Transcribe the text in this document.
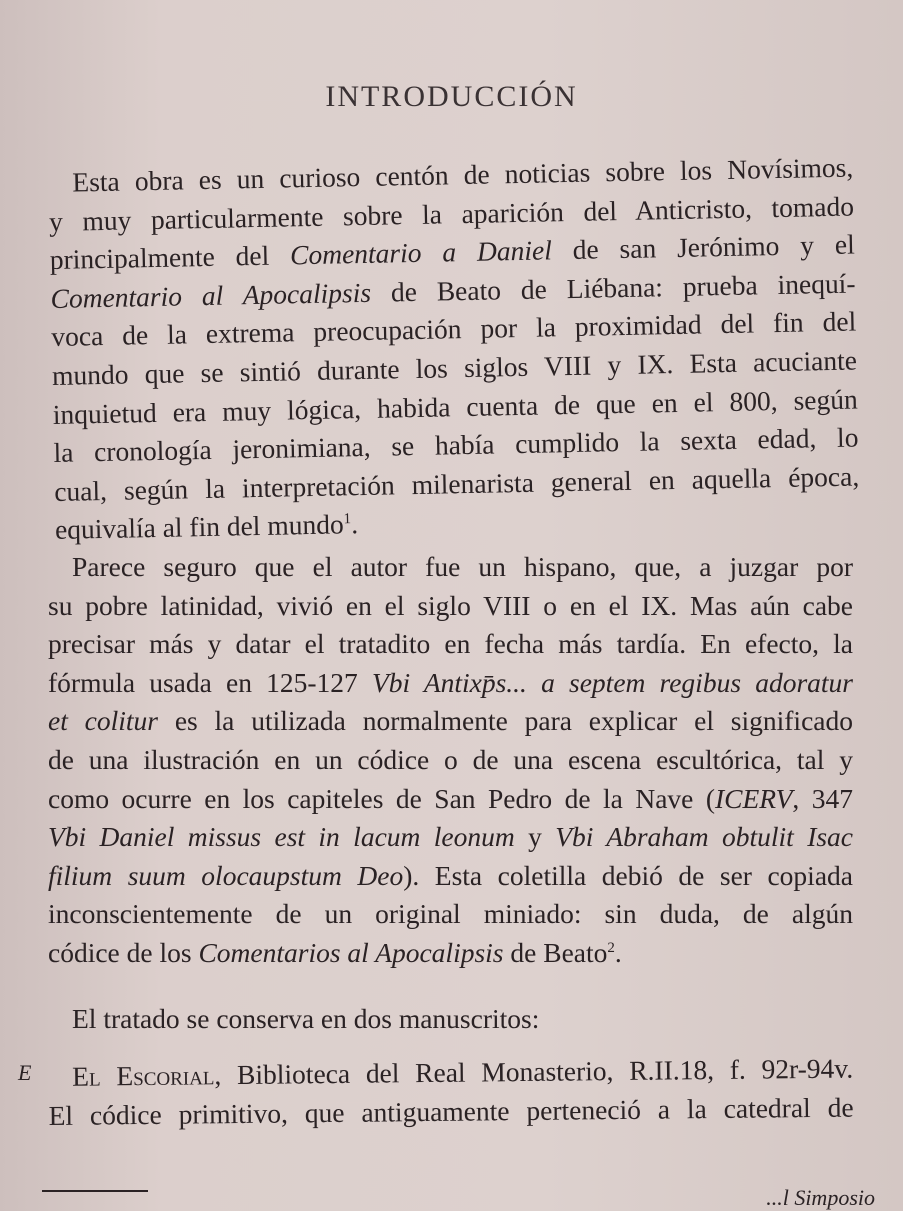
INTRODUCCIÓN
Esta obra es un curioso centón de noticias sobre los Novísimos,
y muy particularmente sobre la aparición del Anticristo, tomado
principalmente del Comentario a Daniel de san Jerónimo y el
Comentario al Apocalipsis de Beato de Liébana: prueba inequí-
voca de la extrema preocupación por la proximidad del fin del
mundo que se sintió durante los siglos VIII y IX. Esta acuciante
inquietud era muy lógica, habida cuenta de que en el 800, según
la cronología jeronimiana, se había cumplido la sexta edad, lo
cual, según la interpretación milenarista general en aquella época,
equivalía al fin del mundo$^1$.
Parece seguro que el autor fue un hispano, que, a juzgar por
su pobre latinidad, vivió en el siglo VIII o en el IX. Mas aún cabe
precisar más y datar el tratadito en fecha más tardía. En efecto, la
fórmula usada en 125-127 Vbi Antixp̄s... a septem regibus adoratur
et colitur es la utilizada normalmente para explicar el significado
de una ilustración en un códice o de una escena escultórica, tal y
como ocurre en los capiteles de San Pedro de la Nave (ICERV, 347
Vbi Daniel missus est in lacum leonum y Vbi Abraham obtulit Isac
filium suum olocaupstum Deo). Esta coletilla debió de ser copiada
inconscientemente de un original miniado: sin duda, de algún
códice de los Comentarios al Apocalipsis de Beato$^2$.
El tratado se conserva en dos manuscritos:
E	El Escorial, Biblioteca del Real Monasterio, R.II.18, f. 92r-94v.
El códice primitivo, que antiguamente perteneció a la catedral de
...l Simposio
